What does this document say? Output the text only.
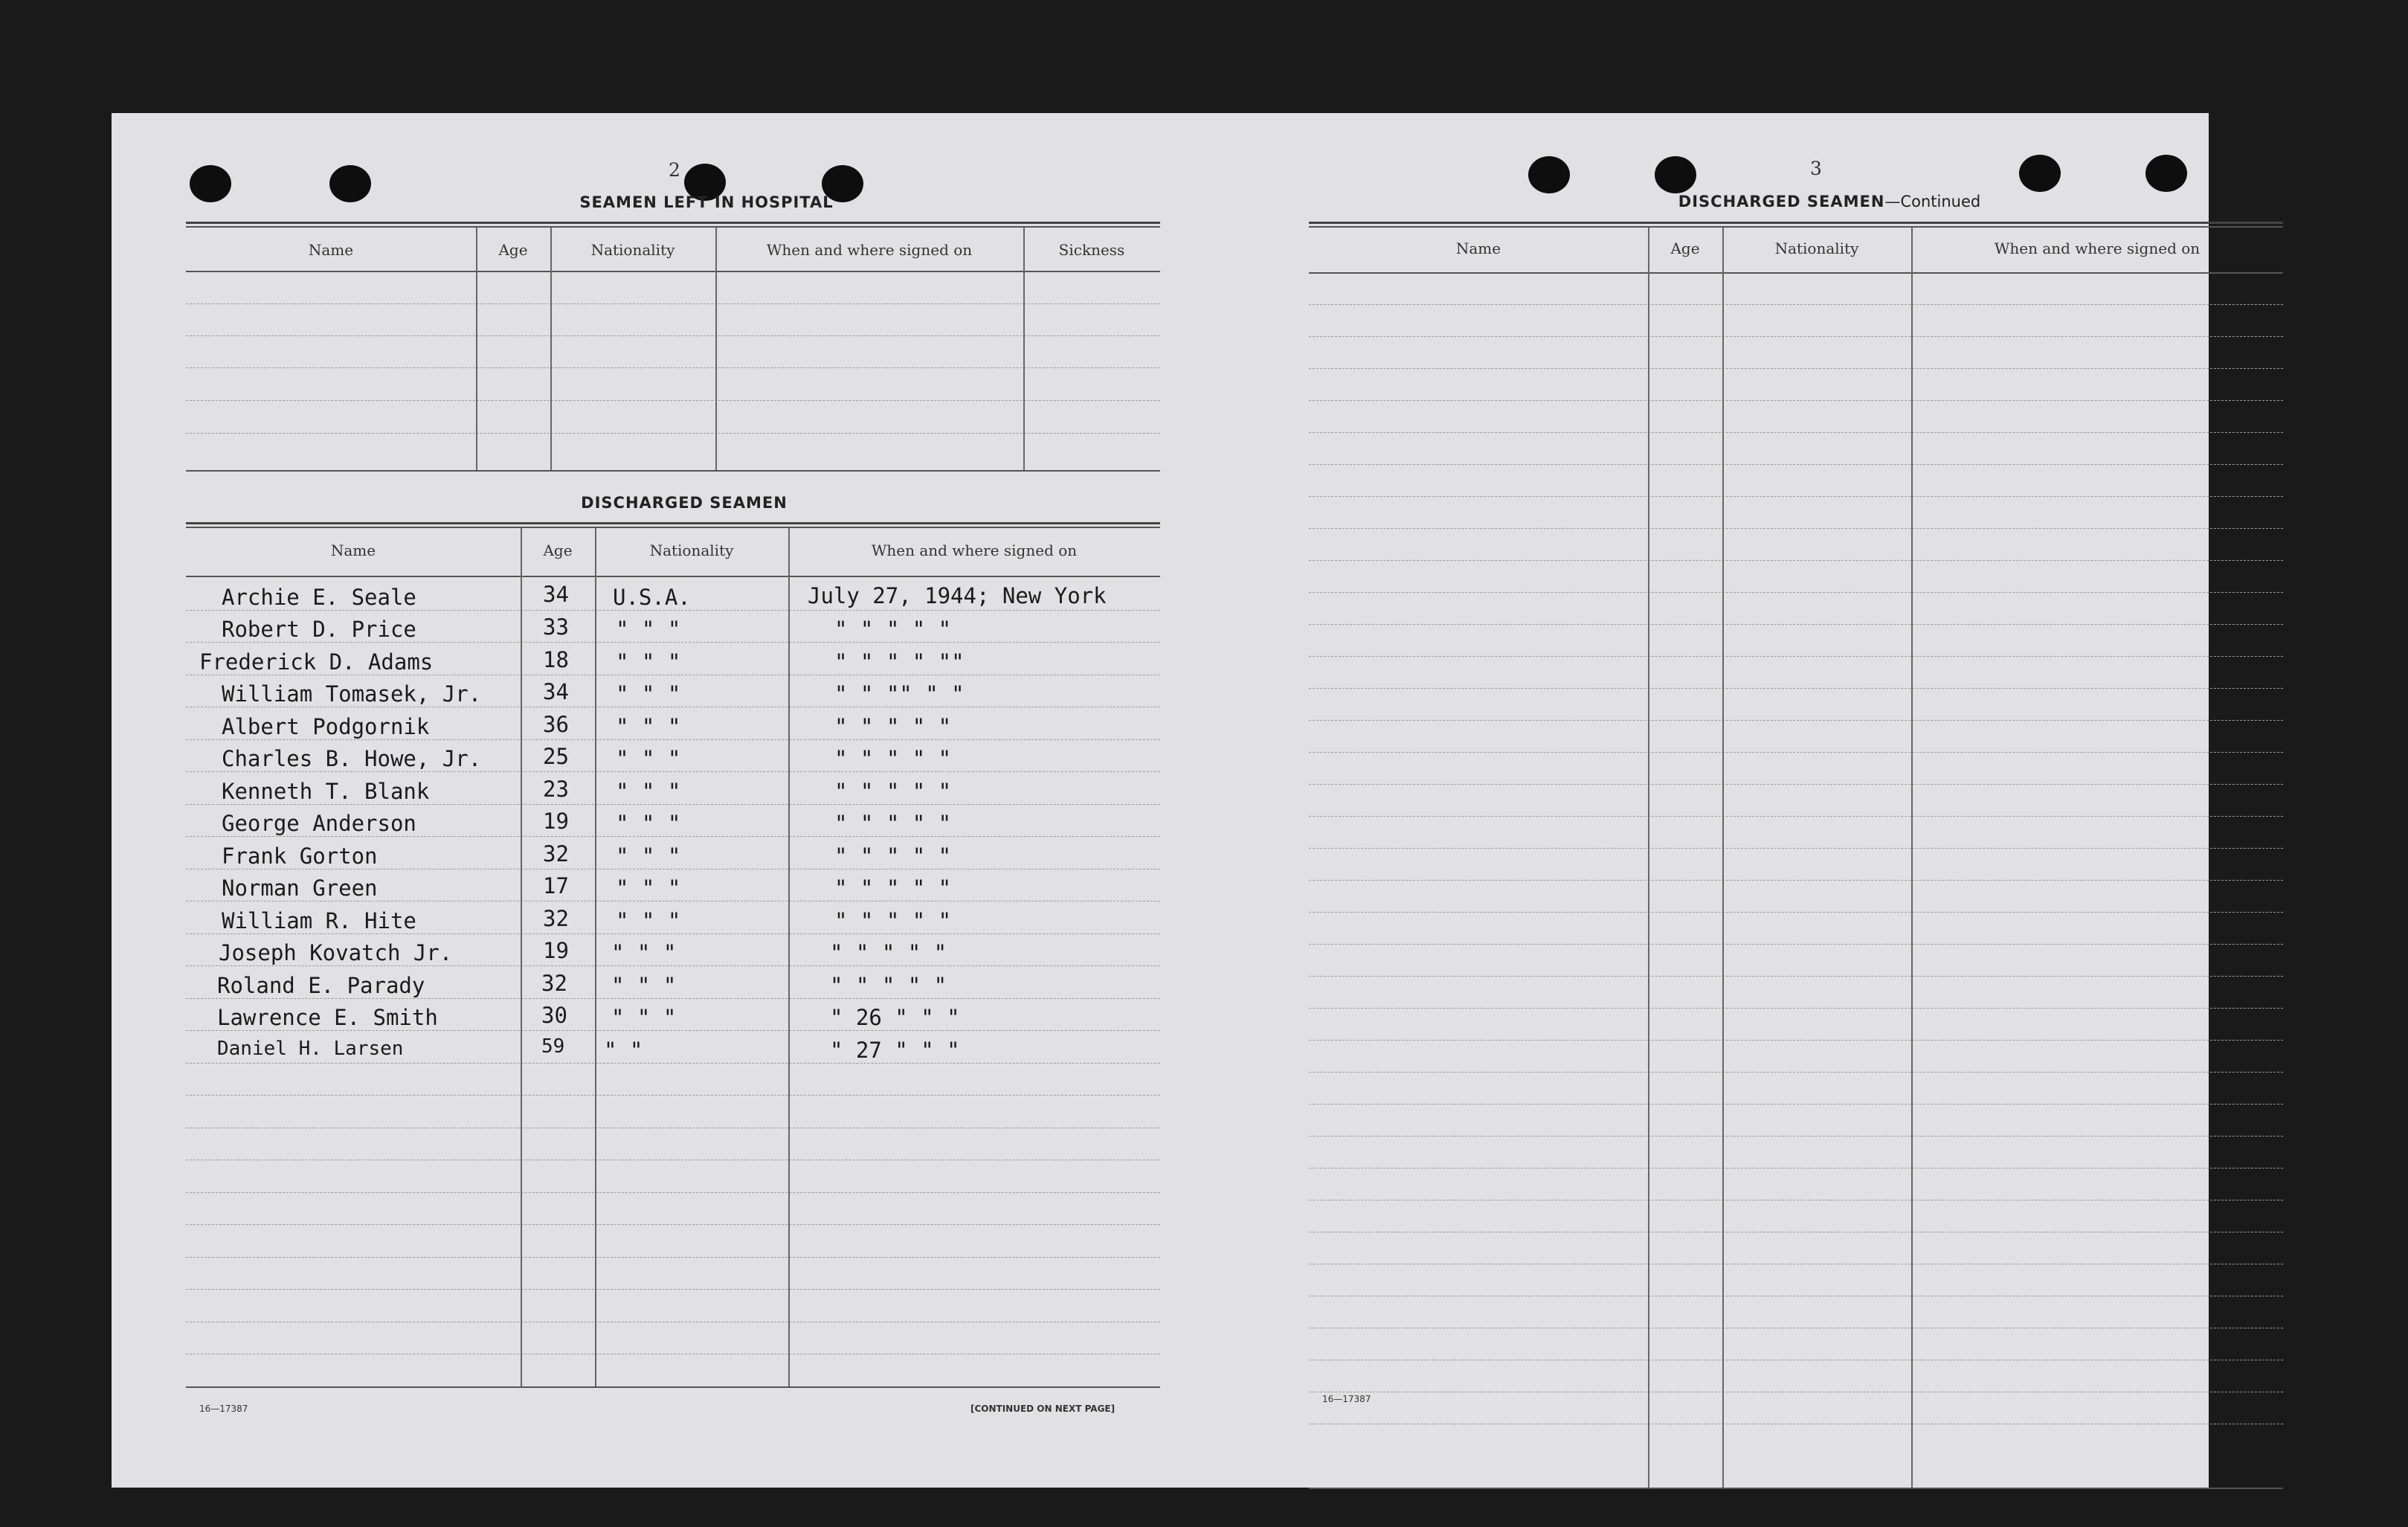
2
SEAMEN LEFT IN HOSPITAL
Name	Age	Nationality	When and where signed on	Sickness
DISCHARGED SEAMEN
Name	Age	Nationality	When and where signed on
Archie E. Seale	34 U.S.A.	July 27, 1944; New York
Robert D. Price	33 " " "	" " " " "
Frederick D. Adams	18 " " "	" " " " ""
William Tomasek, Jr.	34 " " "	" " "" " "
Albert Podgornik	36 " " "	" " " " "
Charles B. Howe, Jr.	25 " " "	" " " " "
Kenneth T. Blank	23 " " "	" " " " "
George Anderson	19 " " "	" " " " "
Frank Gorton	32 " " "	" " " " "
Norman Green	17 " " "	" " " " "
William R. Hite	32 " " "	" " " " "
Joseph Kovatch Jr.	19 " " "	" " " " "
Roland E. Parady	32 " " "	" " " " "
Lawrence E. Smith	30 " " "	" 26 " " "
Daniel H. Larsen	59 " "	" 27 " " "
16—17387	[CONTINUED ON NEXT PAGE]
3
DISCHARGED SEAMEN—Continued
Name	Age	Nationality	When and where signed on
16—17387
